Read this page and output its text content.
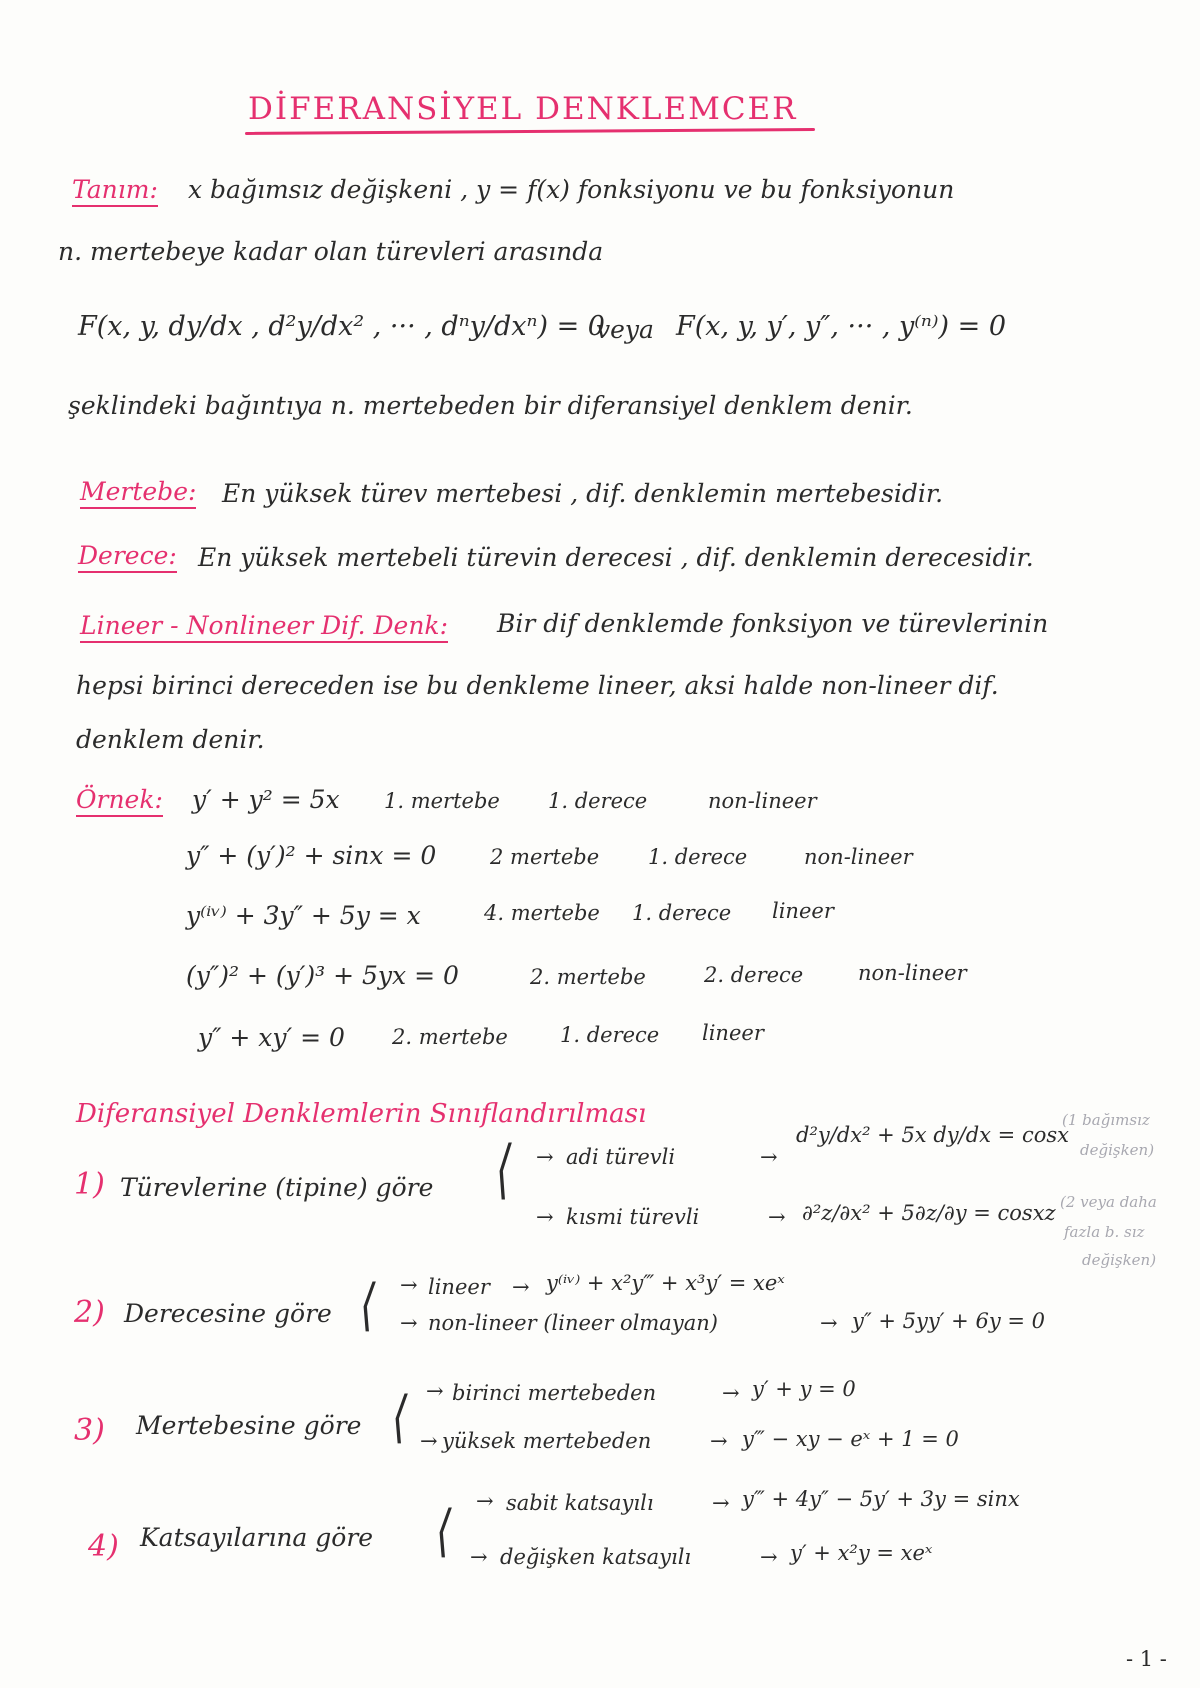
DİFERANSİYEL DENKLEMCER
Tanım: x bağımsız değişkeni , y = f(x) fonksiyonu ve bu fonksiyonun
n. mertebeye kadar olan türevleri arasında
F(x, y, dy/dx , d²y/dx² , ··· , dⁿy/dxⁿ) = 0
veya F(x, y, y′, y″, ··· , y⁽ⁿ⁾) = 0
şeklindeki bağıntıya n. mertebeden bir diferansiyel denklem denir.
Mertebe: En yüksek türev mertebesi , dif. denklemin mertebesidir.
Derece: En yüksek mertebeli türevin derecesi , dif. denklemin derecesidir.
Lineer - Nonlineer Dif. Denk: Bir dif denklemde fonksiyon ve türevlerinin
hepsi birinci dereceden ise bu denkleme lineer, aksi halde non-lineer dif.
denklem denir.
Örnek: y′ + y² = 5x 1. mertebe 1. derece	non-lineer
y″ + (y′)² + sinx = 0	2 mertebe 1. derece	non-lineer
y⁽ⁱᵛ⁾ + 3y″ + 5y = x	4. mertebe 1. derece lineer
(y″)² + (y′)³ + 5yx = 0	2. mertebe	2. derece	non-lineer
y″ + xy′ = 0 2. mertebe 1. derece lineer
Diferansiyel Denklemlerin Sınıflandırılması
1) Türevlerine (tipine) göre ⟨ → adi türevli	→
d²y/dx² + 5x dy/dx = cosx
(1 bağımsız
değişken)
→ kısmi türevli	→ ∂²z/∂x² + 5∂z/∂y = cosxz (2 veya daha
fazla b. sız
değişken)
2) Derecesine göre ⟨ → lineer → y⁽ⁱᵛ⁾ + x²y‴ + x³y′ = xeˣ
→ non-lineer (lineer olmayan)	→ y″ + 5yy′ + 6y = 0
3) Mertebesine göre ⟨ → birinci mertebeden	→ y′ + y = 0
→ yüksek mertebeden	→ y‴ − xy − eˣ + 1 = 0
4) Katsayılarına göre ⟨ → sabit katsayılı	→ y‴ + 4y″ − 5y′ + 3y = sinx
→ değişken katsayılı	→ y′ + x²y = xeˣ
- 1 -
